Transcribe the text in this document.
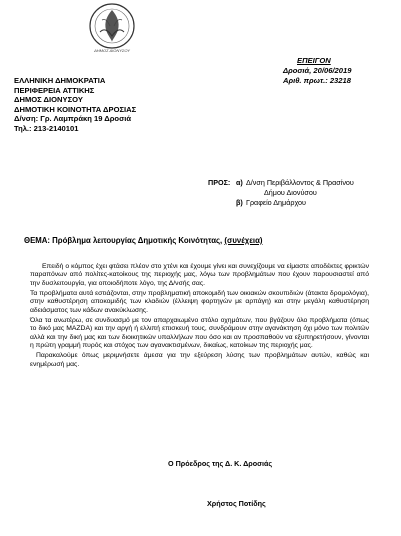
ΔΗΜΟΣ ΔΙΟΝΥΣΟΥ
ΕΠΕΙΓΟΝ
Δροσιά, 20/06/2019
Αριθ. πρωτ.: 23218
ΕΛΛΗΝΙΚΗ ΔΗΜΟΚΡΑΤΙΑ
ΠΕΡΙΦΕΡΕΙΑ ΑΤΤΙΚΗΣ
ΔΗΜΟΣ ΔΙΟΝΥΣΟΥ
ΔΗΜΟΤΙΚΗ ΚΟΙΝΟΤΗΤΑ ΔΡΟΣΙΑΣ
Δ/νση: Γρ. Λαμπράκη 19 Δροσιά
Τηλ.: 213-2140101
ΠΡΟΣ: α) Δ/νση Περιβάλλοντος & Πρασίνου
Δήμου Διονύσου
β) Γραφείο Δημάρχου
ΘΕΜΑ: Πρόβλημα λειτουργίας Δημοτικής Κοινότητας, (συνέχεια)

Επειδή ο κόμπος έχει φτάσει πλέον στο χτένι και έχουμε γίνει και συνεχίζουμε να είμαστε αποδέκτες φρικτών παραπόνων από πολίτες-κατοίκους της περιοχής μας, λόγω των προβλημάτων που έχουν παρουσιαστεί από την δυσλειτουργία, για οποιοδήποτε λόγο, της Δ/νσής σας.

Τα προβλήματα αυτά εστιάζονται, στην προβληματική αποκομιδή των οικιακών σκουπιδιών (άτακτα δρομολόγια), στην καθυστέρηση αποκομιδής των κλαδιών (έλλειψη φορτηγών με αρπάγη) και στην μεγάλη καθυστέρηση αδειάσματος των κάδων ανακύκλωσης.

Όλα τα ανωτέρω, σε συνδυασμό με τον απαρχαιωμένο στόλο οχημάτων, που βγάζουν όλο προβλήματα (όπως το δικό μας MAZDA) και την αργή ή ελλιπή επισκευή τους, συνδράμουν στην αγανάκτηση όχι μόνο των πολιτών αλλά και την δική μας και των διοικητικών υπαλλήλων που όσο και αν προσπαθούν να εξυπηρετήσουν, γίνονται η πρώτη γραμμή πυρός και στόχος των αγανακτισμένων, δικαίως, κατοίκων της περιοχής μας.

Παρακαλούμε όπως μεριμνήσετε άμεσα για την εξεύρεση λύσης των προβλημάτων αυτών, καθώς και ενημέρωσή μας.

Ο Πρόεδρος της Δ. Κ. Δροσιάς
Χρήστος Ποτίδης
